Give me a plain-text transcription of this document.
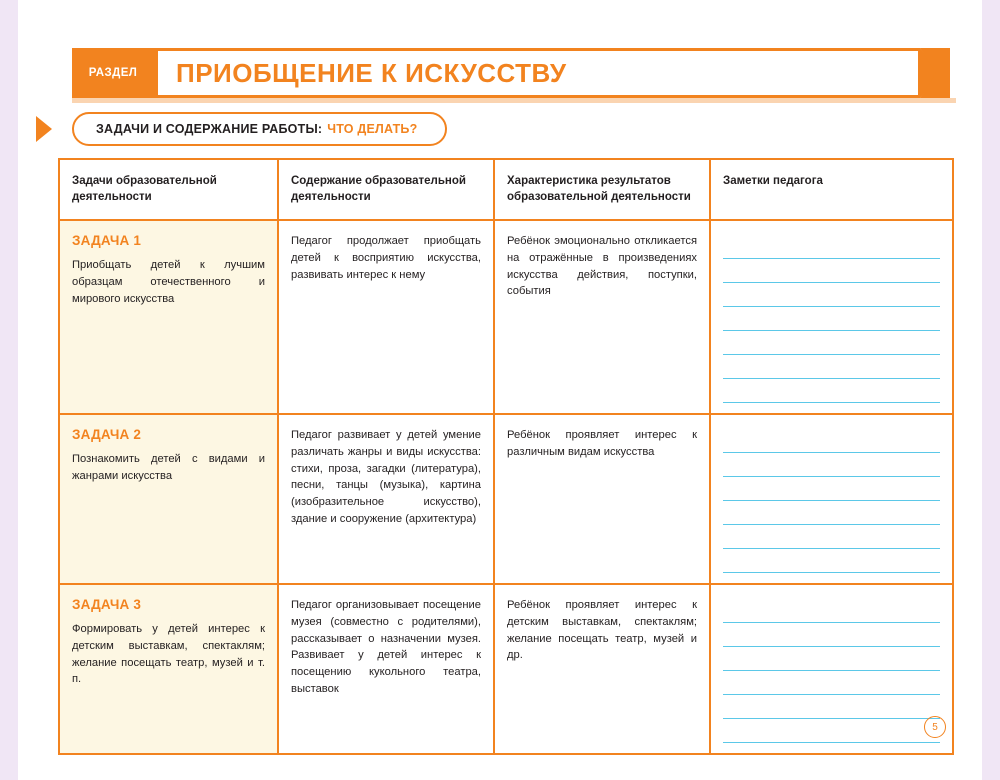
ПРИОБЩЕНИЕ К ИСКУССТВУ
РАЗДЕЛ
ЗАДАЧИ И СОДЕРЖАНИЕ РАБОТЫ: ЧТО ДЕЛАТЬ?
Задачи образовательной деятельности
Содержание образовательной деятельности
Характеристика результатов образовательной деятельности
Заметки педагога
ЗАДАЧА 1
Приобщать детей к лучшим образцам отечественного и мирового искусства
Педагог продолжает приобщать детей к восприятию искусства, развивать интерес к нему
Ребёнок эмоционально откликается на отражённые в произведениях искусства действия, поступки, события
ЗАДАЧА 2
Познакомить детей с видами и жанрами искусства
Педагог развивает у детей умение различать жанры и виды искусства: стихи, проза, загадки (литература), песни, танцы (музыка), картина (изобразительное искусство), здание и сооружение (архитектура)
Ребёнок проявляет интерес к различным видам искусства
ЗАДАЧА 3
Формировать у детей интерес к детским выставкам, спектаклям; желание посещать театр, музей и т. п.
Педагог организовывает посещение музея (совместно с родителями), рассказывает о назначении музея. Развивает у детей интерес к посещению кукольного театра, выставок
Ребёнок проявляет интерес к детским выставкам, спектаклям; желание посещать театр, музей и др.
5
